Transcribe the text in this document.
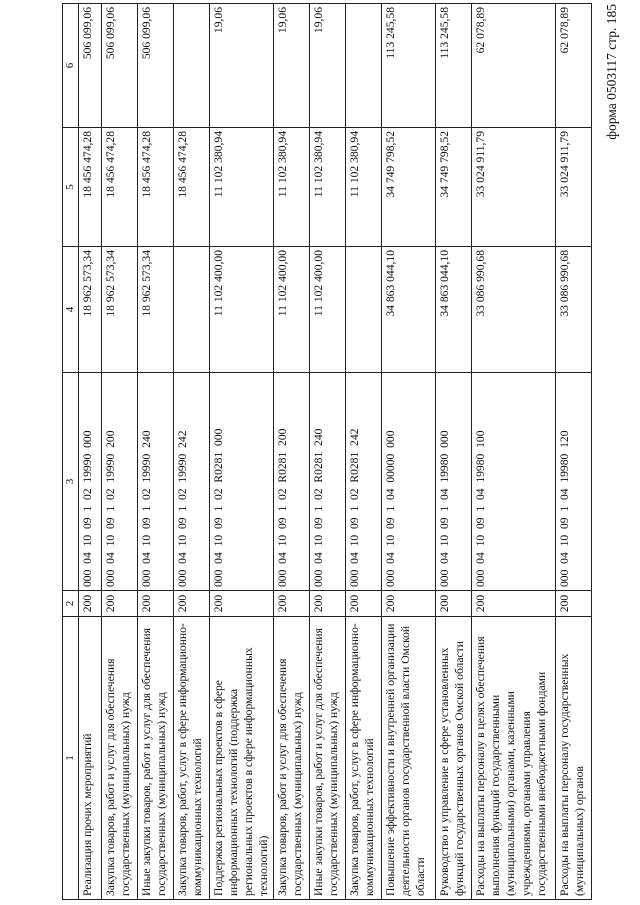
форма 0503117 стр. 185
1	2	3	4	5	6
Реализация прочих мероприятий	200	000  04  10  09  1  02  19990  000	18 962 573,34	18 456 474,28	506 099,06
Закупка товаров, работ и услуг для обеспечения государственных (муниципальных) нужд	200	000  04  10  09  1  02  19990  200	18 962 573,34	18 456 474,28	506 099,06
Иные закупки товаров, работ и услуг для обеспечения государственных (муниципальных) нужд	200	000  04  10  09  1  02  19990  240	18 962 573,34	18 456 474,28	506 099,06
Закупка товаров, работ, услуг в сфере информационно-коммуникационных технологий	200	000  04  10  09  1  02  19990  242		18 456 474,28	
Поддержка региональных проектов в сфере информационных технологий (поддержка региональных проектов в сфере информационных технологий)	200	000  04  10  09  1  02  R0281  000	11 102 400,00	11 102 380,94	19,06
Закупка товаров, работ и услуг для обеспечения государственных (муниципальных) нужд	200	000  04  10  09  1  02  R0281  200	11 102 400,00	11 102 380,94	19,06
Иные закупки товаров, работ и услуг для обеспечения государственных (муниципальных) нужд	200	000  04  10  09  1  02  R0281  240	11 102 400,00	11 102 380,94	19,06
Закупка товаров, работ, услуг в сфере информационно-коммуникационных технологий	200	000  04  10  09  1  02  R0281  242		11 102 380,94	
Повышение эффективности и внутренней организации деятельности органов государственной власти Омской области	200	000  04  10  09  1  04  00000  000	34 863 044,10	34 749 798,52	113 245,58
Руководство и управление в сфере установленных функций государственных органов Омской области	200	000  04  10  09  1  04  19980  000	34 863 044,10	34 749 798,52	113 245,58
Расходы на выплаты персоналу в целях обеспечения выполнения функций государственными (муниципальными) органами, казенными учреждениями, органами управления государственными внебюджетными фондами	200	000  04  10  09  1  04  19980  100	33 086 990,68	33 024 911,79	62 078,89
Расходы на выплаты персоналу государственных (муниципальных) органов	200	000  04  10  09  1  04  19980  120	33 086 990,68	33 024 911,79	62 078,89
